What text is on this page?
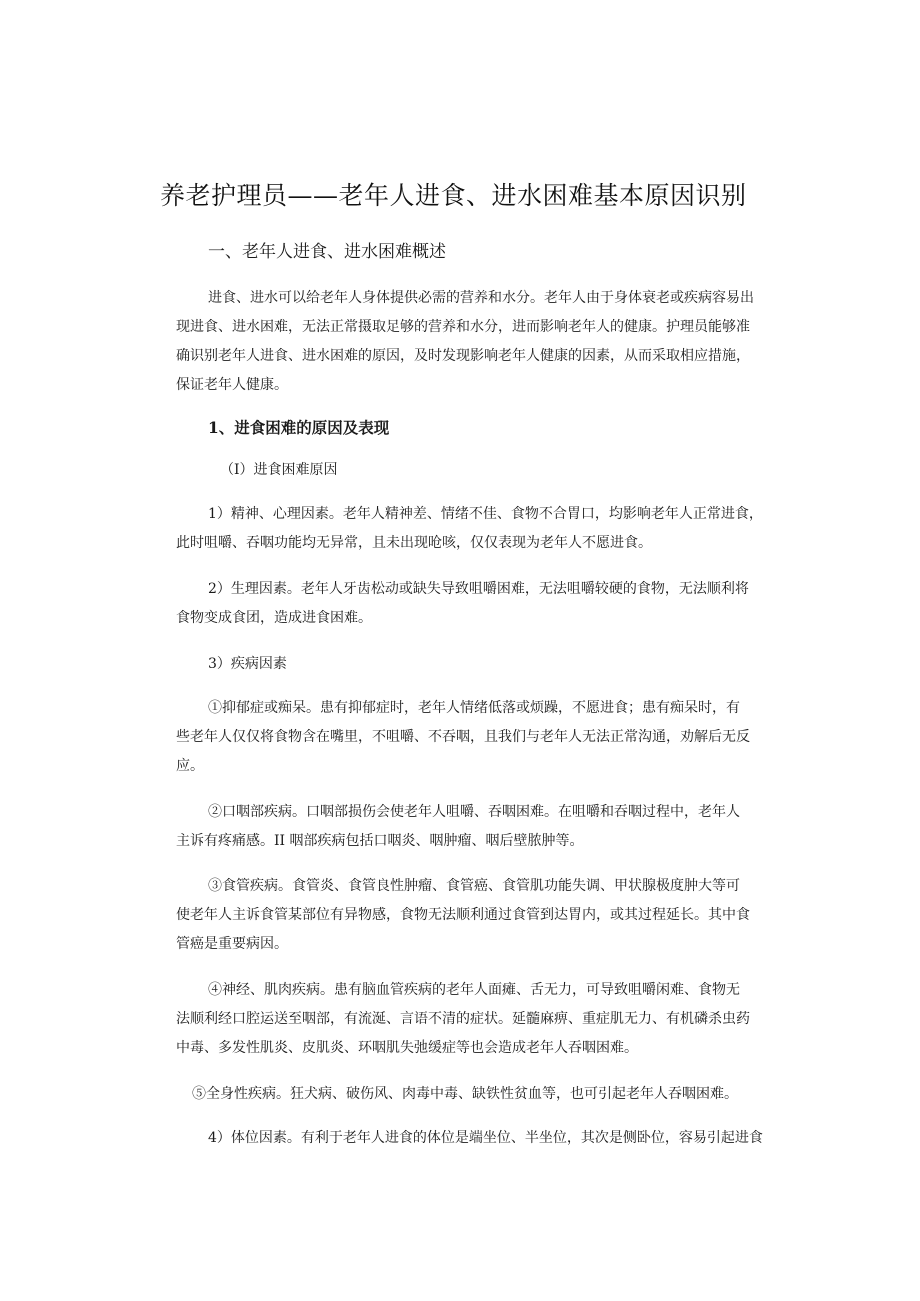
养老护理员——老年人进食、进水困难基本原因识别
一、老年人进食、进水困难概述
进食、进水可以给老年人身体提供必需的营养和水分。老年人由于身体衰老或疾病容易出
现进食、进水困难，无法正常摄取足够的营养和水分，进而影响老年人的健康。护理员能够准
确识别老年人进食、进水困难的原因，及时发现影响老年人健康的因素，从而采取相应措施，
保证老年人健康。
1、进食困难的原因及表现
（I）进食困难原因
1）精神、心理因素。老年人精神差、情绪不佳、食物不合胃口，均影响老年人正常进食，
此时咀嚼、吞咽功能均无异常，且未出现呛咳，仅仅表现为老年人不愿进食。
2）生理因素。老年人牙齿松动或缺失导致咀嚼困难，无法咀嚼较硬的食物，无法顺利将
食物变成食团，造成进食困难。
3）疾病因素
①抑郁症或痴呆。患有抑郁症时，老年人情绪低落或烦躁，不愿进食；患有痴呆时，有
些老年人仅仅将食物含在嘴里，不咀嚼、不吞咽，且我们与老年人无法正常沟通，劝解后无反
应。
②口咽部疾病。口咽部损伤会使老年人咀嚼、吞咽困难。在咀嚼和吞咽过程中，老年人
主诉有疼痛感。II 咽部疾病包括口咽炎、咽肿瘤、咽后壁脓肿等。
③食管疾病。食管炎、食管良性肿瘤、食管癌、食管肌功能失调、甲状腺极度肿大等可
使老年人主诉食管某部位有异物感，食物无法顺利通过食管到达胃内，或其过程延长。其中食
管癌是重要病因。
④神经、肌肉疾病。患有脑血管疾病的老年人面瘫、舌无力，可导致咀嚼闲难、食物无
法顺利经口腔运送至咽部，有流涎、言语不清的症状。延髓麻痹、重症肌无力、有机磷杀虫药
中毒、多发性肌炎、皮肌炎、环咽肌失弛缓症等也会造成老年人吞咽困难。
⑤全身性疾病。狂犬病、破伤风、肉毒中毒、缺铁性贫血等，也可引起老年人吞咽困难。
4）体位因素。有利于老年人进食的体位是端坐位、半坐位，其次是侧卧位，容易引起进食
